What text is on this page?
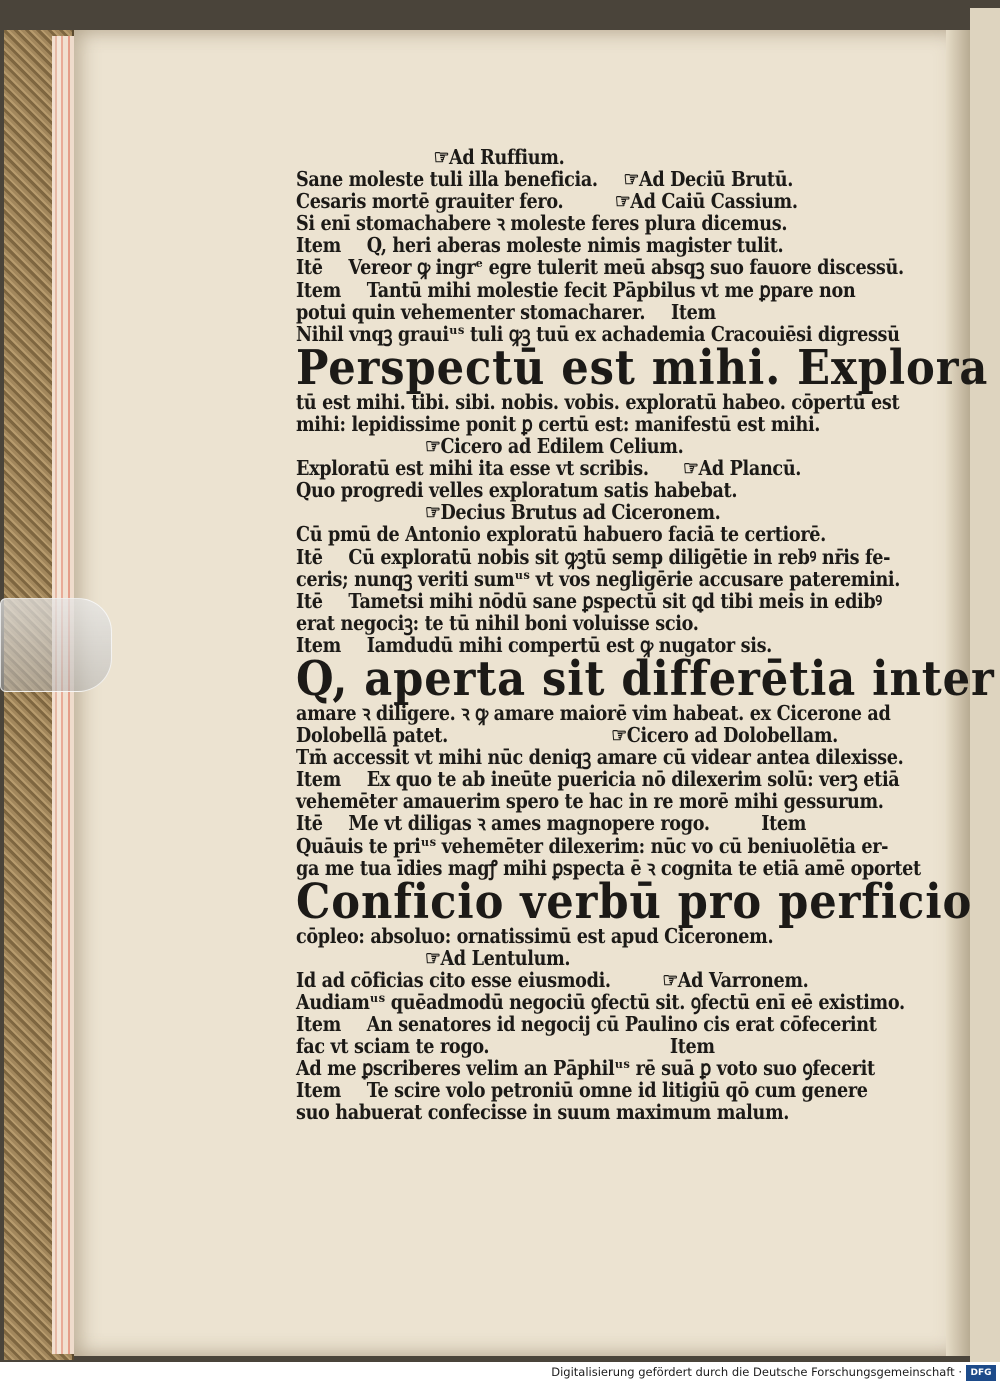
☞Ad Ruffium.
Sane moleste tuli illa beneficia. ☞Ad Deciū Brutū.
Cesaris mortē grauiter fero.	☞Ad Caiū Cassium.
Si enī stomachabere ꝛ moleste feres plura dicemus.
Item Q, heri aberas moleste nimis magister tulit.
Itē Vereor ꝙ ingrᵉ egre tulerit meū absqꝫ suo fauore discessū.
Item Tantū mihi molestie fecit Pāpbilus vt me ꝑpare non
potui quin vehementer stomacharer. Item
Nihil vnqꝫ grauiᵘˢ tuli ꝙꝫ tuū ex achademia Cracouiēsi digressū
Perspectū est mihi. Explora
tū est mihi. tibi. sibi. nobis. vobis. exploratū habeo. cōpertū est
mihi: lepidissime ponit ꝑ certū est: manifestū est mihi.
☞Cicero ad Edilem Celium.
Exploratū est mihi ita esse vt scribis. ☞Ad Plancū.
Quo progredi velles exploratum satis habebat.
☞Decius Brutus ad Ciceronem.
Cū pmū de Antonio exploratū habuero faciā te certiorē.
Itē Cū exploratū nobis sit ꝙꝫtū semp diligētie in rebꝰ nr̄is fe-
ceris; nunqꝫ veriti sumᵘˢ vt vos negligērie accusare pateremini.
Itē Tametsi mihi nōdū sane ꝑspectū sit ꝗd tibi meis in edibꝰ
erat negociꝫ: te tū nihil boni voluisse scio.
Item Iamdudū mihi compertū est ꝙ nugator sis.
Q, aperta sit differētia inter
amare ꝛ diligere. ꝛ ꝙ amare maiorē vim habeat. ex Cicerone ad
Dolobellā patet.	☞Cicero ad Dolobellam.
Tm̄ accessit vt mihi nūc deniqꝫ amare cū videar antea dilexisse.
Item Ex quo te ab ineūte puericia nō dilexerim solū: verꝫ etiā
vehemēter amauerim spero te hac in re morē mihi gessurum.
Itē Me vt diligas ꝛ ames magnopere rogo.	Item
Quāuis te priᵘˢ vehemēter dilexerim: nūc vo cū beniuolētia er-
ga me tua īdies magꝭ mihi ꝑspecta ē ꝛ cognita te etiā amē oportet
Conficio verbū pro perficio
cōpleo: absoluo: ornatissimū est apud Ciceronem.
☞Ad Lentulum.
Id ad cōficias cito esse eiusmodi.	☞Ad Varronem.
Audiamᵘˢ quēadmodū negociū ꝯfectū sit. ꝯfectū enī eē existimo.
Item An senatores id negocij cū Paulino cis erat cōfecerint
fac vt sciam te rogo.	Item
Ad me ꝑscriberes velim an Pāphilᵘˢ rē suā ꝑ voto suo ꝯfecerit
Item Te scire volo petroniū omne id litigiū qō cum genere
suo habuerat confecisse in suum maximum malum.
Digitalisierung gefördert durch die Deutsche Forschungsgemeinschaft · DFG
